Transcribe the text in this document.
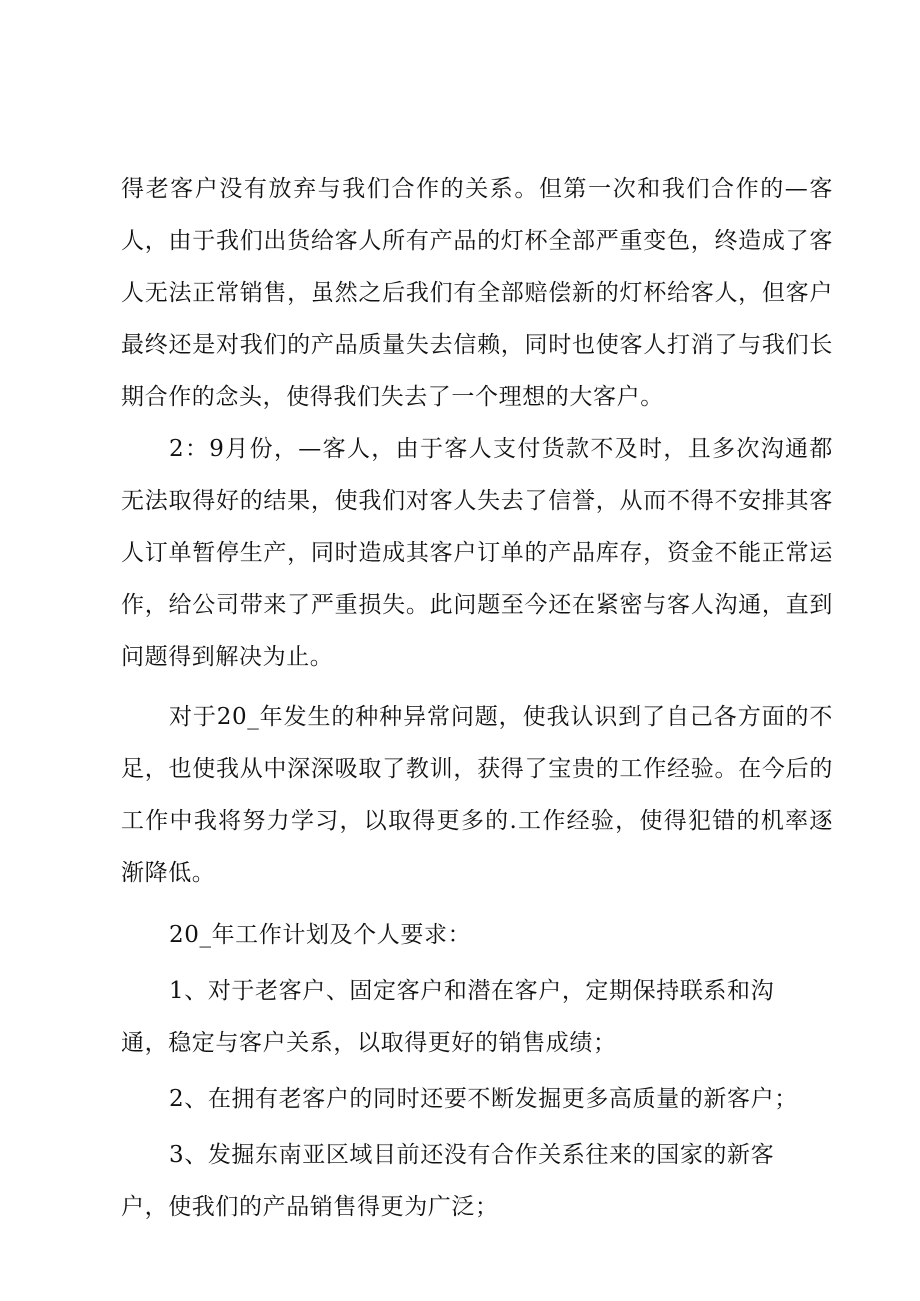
得老客户没有放弃与我们合作的关系。但第一次和我们合作的—客人，由于我们出货给客人所有产品的灯杯全部严重变色，终造成了客人无法正常销售，虽然之后我们有全部赔偿新的灯杯给客人，但客户最终还是对我们的产品质量失去信赖，同时也使客人打消了与我们长期合作的念头，使得我们失去了一个理想的大客户。

2：9月份，—客人，由于客人支付货款不及时，且多次沟通都无法取得好的结果，使我们对客人失去了信誉，从而不得不安排其客人订单暂停生产，同时造成其客户订单的产品库存，资金不能正常运作，给公司带来了严重损失。此问题至今还在紧密与客人沟通，直到问题得到解决为止。

对于20_年发生的种种异常问题，使我认识到了自己各方面的不足，也使我从中深深吸取了教训，获得了宝贵的工作经验。在今后的工作中我将努力学习，以取得更多的.工作经验，使得犯错的机率逐渐降低。

20_年工作计划及个人要求：

1、对于老客户、固定客户和潜在客户，定期保持联系和沟

通，稳定与客户关系，以取得更好的销售成绩；

2、在拥有老客户的同时还要不断发掘更多高质量的新客户；

3、发掘东南亚区域目前还没有合作关系往来的国家的新客

户，使我们的产品销售得更为广泛；
